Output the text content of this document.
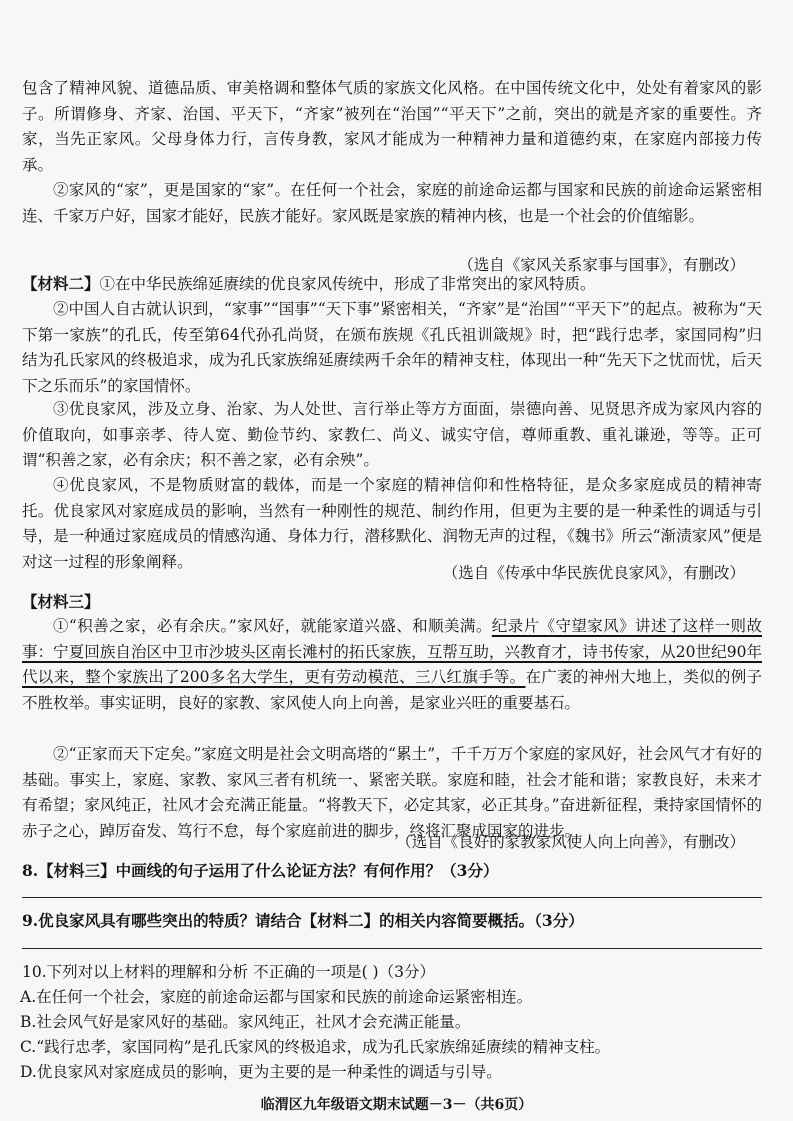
包含了精神风貌、道德品质、审美格调和整体气质的家族文化风格。在中国传统文化中，处处有着家风的影子。所谓修身、齐家、治国、平天下，“齐家”被列在“治国”“平天下”之前，突出的就是齐家的重要性。齐家，当先正家风。父母身体力行，言传身教，家风才能成为一种精神力量和道德约束，在家庭内部接力传承。
②家风的“家”，更是国家的“家”。在任何一个社会，家庭的前途命运都与国家和民族的前途命运紧密相连、千家万户好，国家才能好，民族才能好。家风既是家族的精神内核，也是一个社会的价值缩影。
（选自《家风关系家事与国事》，有删改）
【材料二】①在中华民族绵延赓续的优良家风传统中，形成了非常突出的家风特质。
②中国人自古就认识到，“家事”“国事”“天下事”紧密相关，“齐家”是“治国”“平天下”的起点。被称为“天下第一家族”的孔氏，传至第64代孙孔尚贤，在颁布族规《孔氏祖训箴规》时，把“践行忠孝，家国同构”归结为孔氏家风的终极追求，成为孔氏家族绵延赓续两千余年的精神支柱，体现出一种“先天下之忧而忧，后天下之乐而乐”的家国情怀。
③优良家风，涉及立身、治家、为人处世、言行举止等方方面面，崇德向善、见贤思齐成为家风内容的价值取向，如事亲孝、待人宽、勤俭节约、家教仁、尚义、诚实守信，尊师重教、重礼谦逊，等等。正可谓“积善之家，必有余庆；积不善之家，必有余殃”。
④优良家风，不是物质财富的载体，而是一个家庭的精神信仰和性格特征，是众多家庭成员的精神寄托。优良家风对家庭成员的影响，当然有一种刚性的规范、制约作用，但更为主要的是一种柔性的调适与引导，是一种通过家庭成员的情感沟通、身体力行，潜移默化、润物无声的过程，《魏书》所云“渐渍家风”便是对这一过程的形象阐释。
（选自《传承中华民族优良家风》，有删改）
【材料三】
①“积善之家，必有余庆。”家风好，就能家道兴盛、和顺美满。纪录片《守望家风》讲述了这样一则故事：宁夏回族自治区中卫市沙坡头区南长滩村的拓氏家族，互帮互助，兴教育才，诗书传家，从20世纪90年代以来，整个家族出了200多名大学生，更有劳动模范、三八红旗手等。在广袤的神州大地上，类似的例子不胜枚举。事实证明，良好的家教、家风使人向上向善，是家业兴旺的重要基石。
②“正家而天下定矣。”家庭文明是社会文明高塔的“累土”，千千万万个家庭的家风好，社会风气才有好的基础。事实上，家庭、家教、家风三者有机统一、紧密关联。家庭和睦，社会才能和谐；家教良好，未来才有希望；家风纯正，社风才会充满正能量。“将教天下，必定其家，必正其身。”奋进新征程，秉持家国情怀的赤子之心，踔厉奋发、笃行不怠，每个家庭前进的脚步，终将汇聚成国家的进步。
（选自《良好的家教家风使人向上向善》，有删改）
8.【材料三】中画线的句子运用了什么论证方法？有何作用？（3分）
9.优良家风具有哪些突出的特质？请结合【材料二】的相关内容简要概括。（3分）
10.下列对以上材料的理解和分析 不正确的一项是( )（3分）
A.在任何一个社会，家庭的前途命运都与国家和民族的前途命运紧密相连。
B.社会风气好是家风好的基础。家风纯正，社风才会充满正能量。
C.“践行忠孝，家国同构”是孔氏家风的终极追求，成为孔氏家族绵延赓续的精神支柱。
D.优良家风对家庭成员的影响，更为主要的是一种柔性的调适与引导。
临渭区九年级语文期末试题－3－（共6页）
